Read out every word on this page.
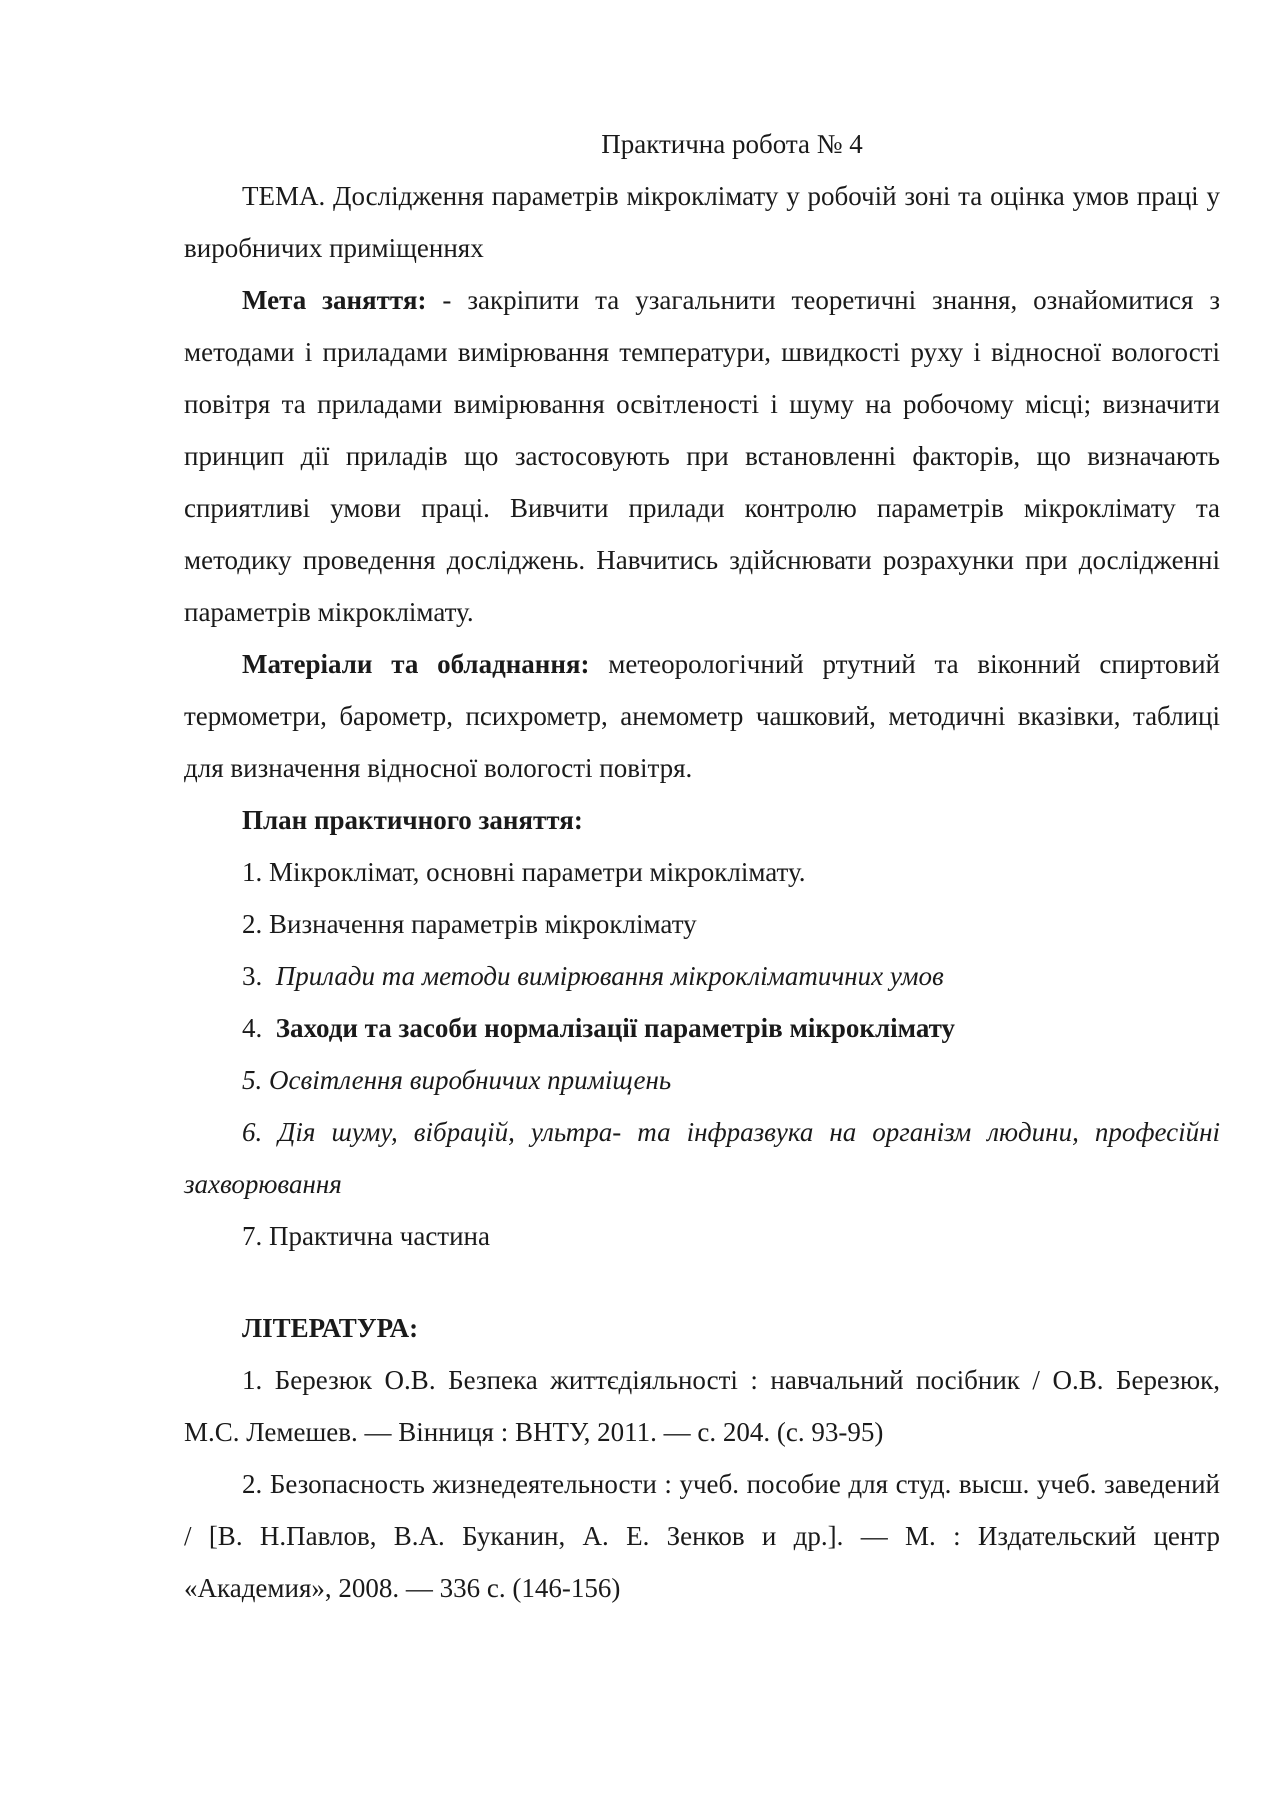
Практична робота № 4

ТЕМА. Дослідження параметрів мікроклімату у робочій зоні та оцінка умов праці у виробничих приміщеннях

Мета заняття: - закріпити та узагальнити теоретичні знання, ознайомитися з методами і приладами вимірювання температури, швидкості руху і відносної вологості повітря та приладами вимірювання освітленості і шуму на робочому місці; визначити принцип дії приладів що застосовують при встановленні факторів, що визначають сприятливі умови праці. Вивчити прилади контролю параметрів мікроклімату та методику проведення досліджень. Навчитись здійснювати розрахунки при дослідженні параметрів мікроклімату.

Матеріали та обладнання: метеорологічний ртутний та віконний спиртовий термометри, барометр, психрометр, анемометр чашковий, методичні вказівки, таблиці для визначення відносної вологості повітря.

План практичного заняття:

1. Мікроклімат, основні параметри мікроклімату.

2. Визначення параметрів мікроклімату

3. Прилади та методи вимірювання мікрокліматичних умов

4. Заходи та засоби нормалізації параметрів мікроклімату

5. Освітлення виробничих приміщень

6. Дія шуму, вібрацій, ультра- та інфразвука на організм людини, професійні захворювання

7. Практична частина

ЛІТЕРАТУРА:

1. Березюк О.В. Безпека життєдіяльності : навчальний посібник / О.В. Березюк, М.С. Лемешев. — Вінниця : ВНТУ, 2011. — с. 204. (с. 93-95)

2. Безопасность жизнедеятельности : учеб. пособие для студ. высш. учеб. заведений / [В. Н.Павлов, В.А. Буканин, А. Е. Зенков и др.]. — М. : Издательский центр «Академия», 2008. — 336 с. (146-156)
